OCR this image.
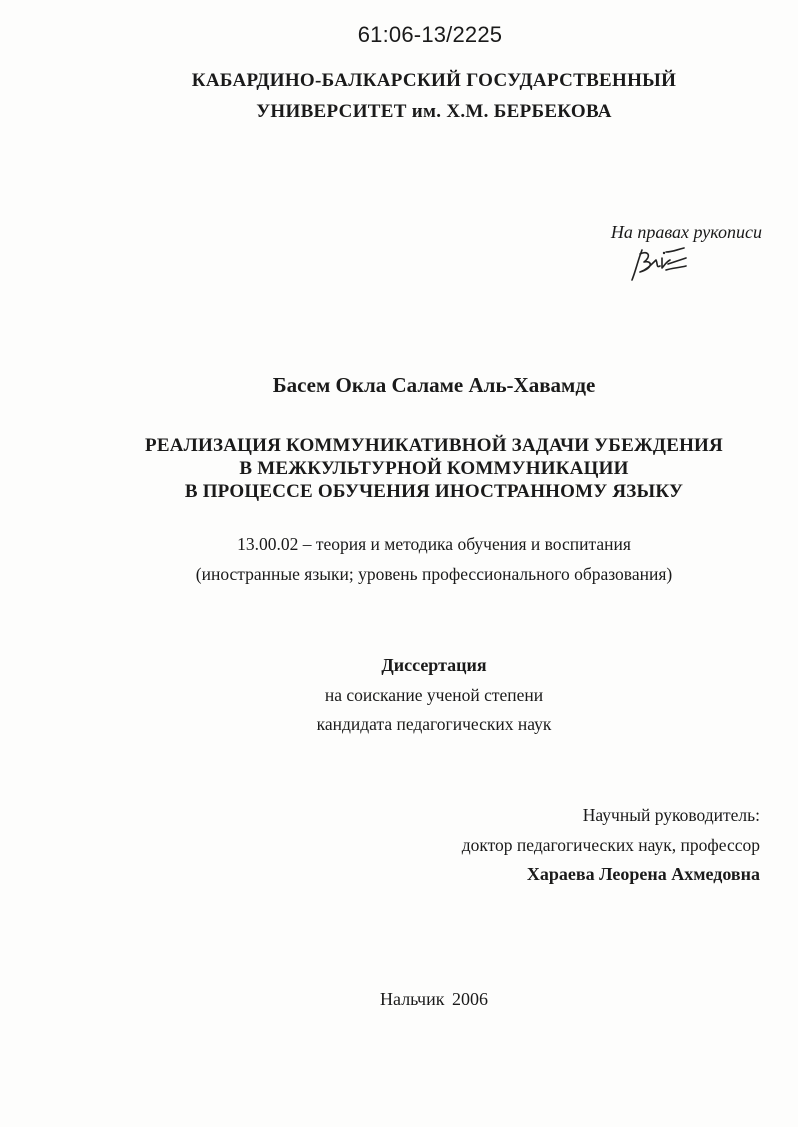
61:06-13/2225

КАБАРДИНО-БАЛКАРСКИЙ ГОСУДАРСТВЕННЫЙ

УНИВЕРСИТЕТ им. Х.М. БЕРБЕКОВА

На правах рукописи

Басем Окла Саламе Аль-Хавамде

РЕАЛИЗАЦИЯ КОММУНИКАТИВНОЙ ЗАДАЧИ УБЕЖДЕНИЯ

В МЕЖКУЛЬТУРНОЙ КОММУНИКАЦИИ

В ПРОЦЕССЕ ОБУЧЕНИЯ ИНОСТРАННОМУ ЯЗЫКУ

13.00.02 – теория и методика обучения и воспитания

(иностранные языки; уровень профессионального образования)

Диссертация

на соискание ученой степени

кандидата педагогических наук

Научный руководитель:

доктор педагогических наук, профессор

Хараева Леорена Ахмедовна

Нальчик 2006
